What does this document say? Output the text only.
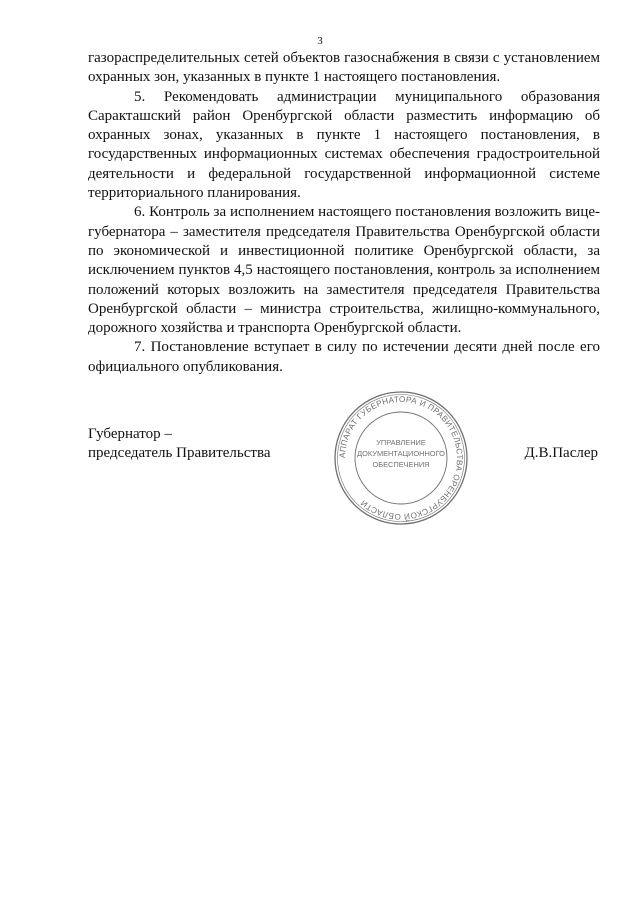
3

газораспределительных сетей объектов газоснабжения в связи с установлением охранных зон, указанных в пункте 1 настоящего постановления.

5. Рекомендовать администрации муниципального образования Саракташский район Оренбургской области разместить информацию об охранных зонах, указанных в пункте 1 настоящего постановления, в государственных информационных системах обеспечения градостроительной деятельности и федеральной государственной информационной системе территориального планирования.

6. Контроль за исполнением настоящего постановления возложить вице-губернатора – заместителя председателя Правительства Оренбургской области по экономической и инвестиционной политике Оренбургской области, за исключением пунктов 4,5 настоящего постановления, контроль за исполнением положений которых возложить на заместителя председателя Правительства Оренбургской области – министра строительства, жилищно-коммунального, дорожного хозяйства и транспорта Оренбургской области.

7. Постановление вступает в силу по истечении десяти дней после его официального опубликования.

Губернатор –
председатель Правительства	Д.В.Паслер
АППАРАТ ГУБЕРНАТОРА И ПРАВИТЕЛЬСТВА ОРЕНБУРГСКОЙ ОБЛАСТИ
УПРАВЛЕНИЕ
ДОКУМЕНТАЦИОННОГО
ОБЕСПЕЧЕНИЯ
